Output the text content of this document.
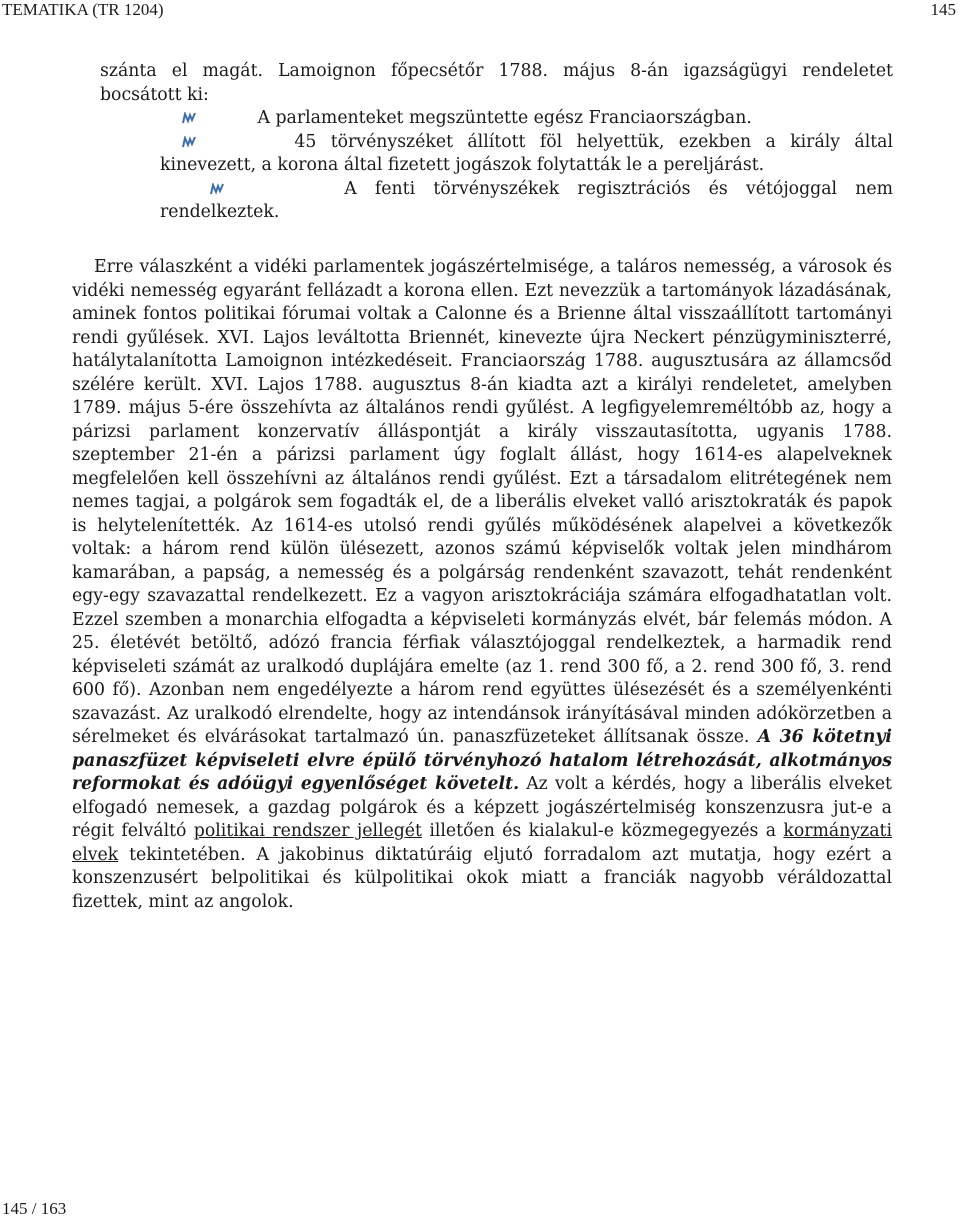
TEMATIKA (TR 1204)	145

szánta el magát. Lamoignon főpecsétőr 1788. május 8-án igazságügyi rendeletet bocsátott ki:

A parlamenteket megszüntette egész Franciaországban.
45 törvényszéket állított föl helyettük, ezekben a király által kinevezett, a korona által fizetett jogászok folytatták le a pereljárást.
A fenti törvényszékek regisztrációs és vétójoggal nem rendelkeztek.

Erre válaszként a vidéki parlamentek jogászértelmisége, a taláros nemesség, a városok és vidéki nemesség egyaránt fellázadt a korona ellen. Ezt nevezzük a tartományok lázadásának, aminek fontos politikai fórumai voltak a Calonne és a Brienne által visszaállított tartományi rendi gyűlések. XVI. Lajos leváltotta Briennét, kinevezte újra Neckert pénzügyminiszterré, hatálytalanította Lamoignon intézkedéseit. Franciaország 1788. augusztusára az államcsőd szélére került. XVI. Lajos 1788. augusztus 8-án kiadta azt a királyi rendeletet, amelyben 1789. május 5-ére összehívta az általános rendi gyűlést. A legfigyelemreméltóbb az, hogy a párizsi parlament konzervatív álláspontját a király visszautasította, ugyanis 1788. szeptember 21-én a párizsi parlament úgy foglalt állást, hogy 1614-es alapelveknek megfelelően kell összehívni az általános rendi gyűlést. Ezt a társadalom elitrétegének nem nemes tagjai, a polgárok sem fogadták el, de a liberális elveket valló arisztokraták és papok is helytelenítették. Az 1614-es utolsó rendi gyűlés működésének alapelvei a következők voltak: a három rend külön ülésezett, azonos számú képviselők voltak jelen mindhárom kamarában, a papság, a nemesség és a polgárság rendenként szavazott, tehát rendenként egy-egy szavazattal rendelkezett. Ez a vagyon arisztokráciája számára elfogadhatatlan volt. Ezzel szemben a monarchia elfogadta a képviseleti kormányzás elvét, bár felemás módon. A 25. életévét betöltő, adózó francia férfiak választójoggal rendelkeztek, a harmadik rend képviseleti számát az uralkodó duplájára emelte (az 1. rend 300 fő, a 2. rend 300 fő, 3. rend 600 fő). Azonban nem engedélyezte a három rend együttes ülésezését és a személyenkénti szavazást. Az uralkodó elrendelte, hogy az intendánsok irányításával minden adókörzetben a sérelmeket és elvárásokat tartalmazó ún. panaszfüzeteket állítsanak össze. A 36 kötetnyi panaszfüzet képviseleti elvre épülő törvényhozó hatalom létrehozását, alkotmányos reformokat és adóügyi egyenlőséget követelt. Az volt a kérdés, hogy a liberális elveket elfogadó nemesek, a gazdag polgárok és a képzett jogászértelmiség konszenzusra jut-e a régit felváltó politikai rendszer jellegét illetően és kialakul-e közmegegyezés a kormányzati elvek tekintetében. A jakobinus diktatúráig eljutó forradalom azt mutatja, hogy ezért a konszenzusért belpolitikai és külpolitikai okok miatt a franciák nagyobb véráldozattal fizettek, mint az angolok.

145 / 163
